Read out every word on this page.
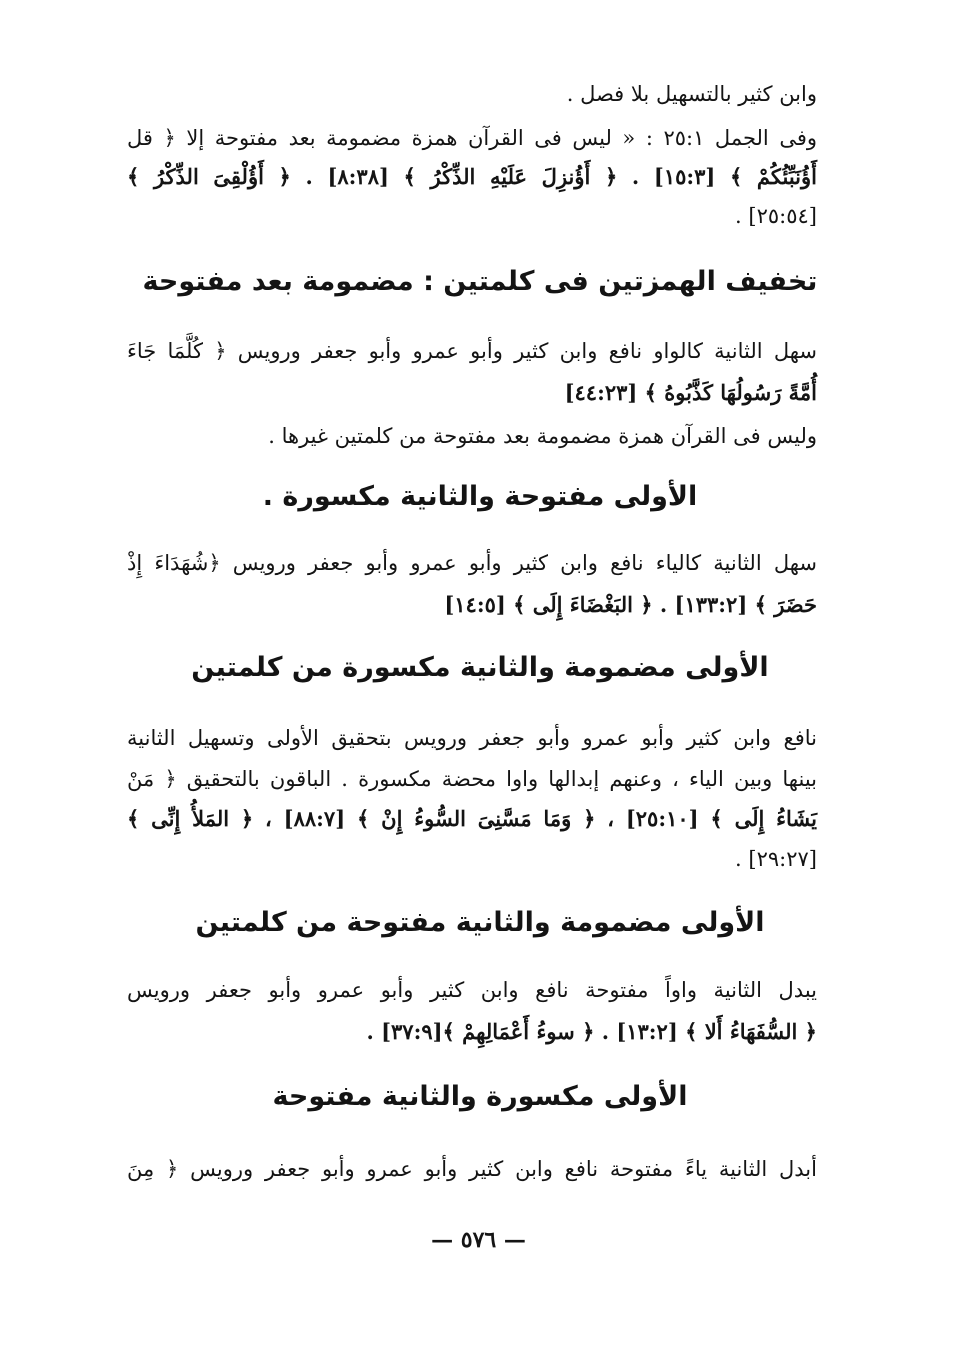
وابن كثير بالتسهيل بلا فصل .
وفى الجمل ٢٥:١ : « ليس فى القرآن همزة مضمومة بعد مفتوحة إلا ﴿ قل
أَؤُنَبِّئُكُمْ ﴾ [١٥:٣] . ﴿ أَؤُنزِلَ عَلَيْهِ الذِّكْرُ ﴾ [٨:٣٨] . ﴿ أَؤُلْقِىَ الذِّكْرُ ﴾
[٢٥:٥٤] .
تخفيف الهمزتين فى كلمتين : مضمومة بعد مفتوحة
سهل الثانية كالواو نافع وابن كثير وأبو عمرو وأبو جعفر ورويس ﴿ كُلَّمَا جَاءَ
أُمَّةً رَسُولُهَا كَذَّبُوهُ ﴾ [٤٤:٢٣]
وليس فى القرآن همزة مضمومة بعد مفتوحة من كلمتين غيرها .
الأولى مفتوحة والثانية مكسورة .
سهل الثانية كالياء نافع وابن كثير وأبو عمرو وأبو جعفر ورويس ﴿شُهَدَاءَ إِذْ
حَضَرَ ﴾ [١٣٣:٢] . ﴿ البَغْضَاءَ إِلَى ﴾ [١٤:٥]
الأولى مضمومة والثانية مكسورة من كلمتين
نافع وابن كثير وأبو عمرو وأبو جعفر ورويس بتحقيق الأولى وتسهيل الثانية
بينها وبين الياء ، وعنهم إبدالها واوا محضة مكسورة . الباقون بالتحقيق ﴿ مَنْ
يَشَاءُ إِلَى ﴾ [٢٥:١٠] ، ﴿ وَمَا مَسَّنِىَ السُّوءُ إِنْ ﴾ [٨٨:٧] ، ﴿ المَلأُ إِنِّى ﴾
[٢٩:٢٧] .
الأولى مضمومة والثانية مفتوحة من كلمتين
يبدل الثانية واواً مفتوحة نافع وابن كثير وأبو عمرو وأبو جعفر ورويس
﴿ السُّفَهَاءُ أَلا ﴾ [١٣:٢] . ﴿ سوءُ أَعْمَالِهِمْ ﴾[٣٧:٩] .
الأولى مكسورة والثانية مفتوحة
أبدل الثانية ياءً مفتوحة نافع وابن كثير وأبو عمرو وأبو جعفر ورويس ﴿ مِنَ
— ٥٧٦ —
